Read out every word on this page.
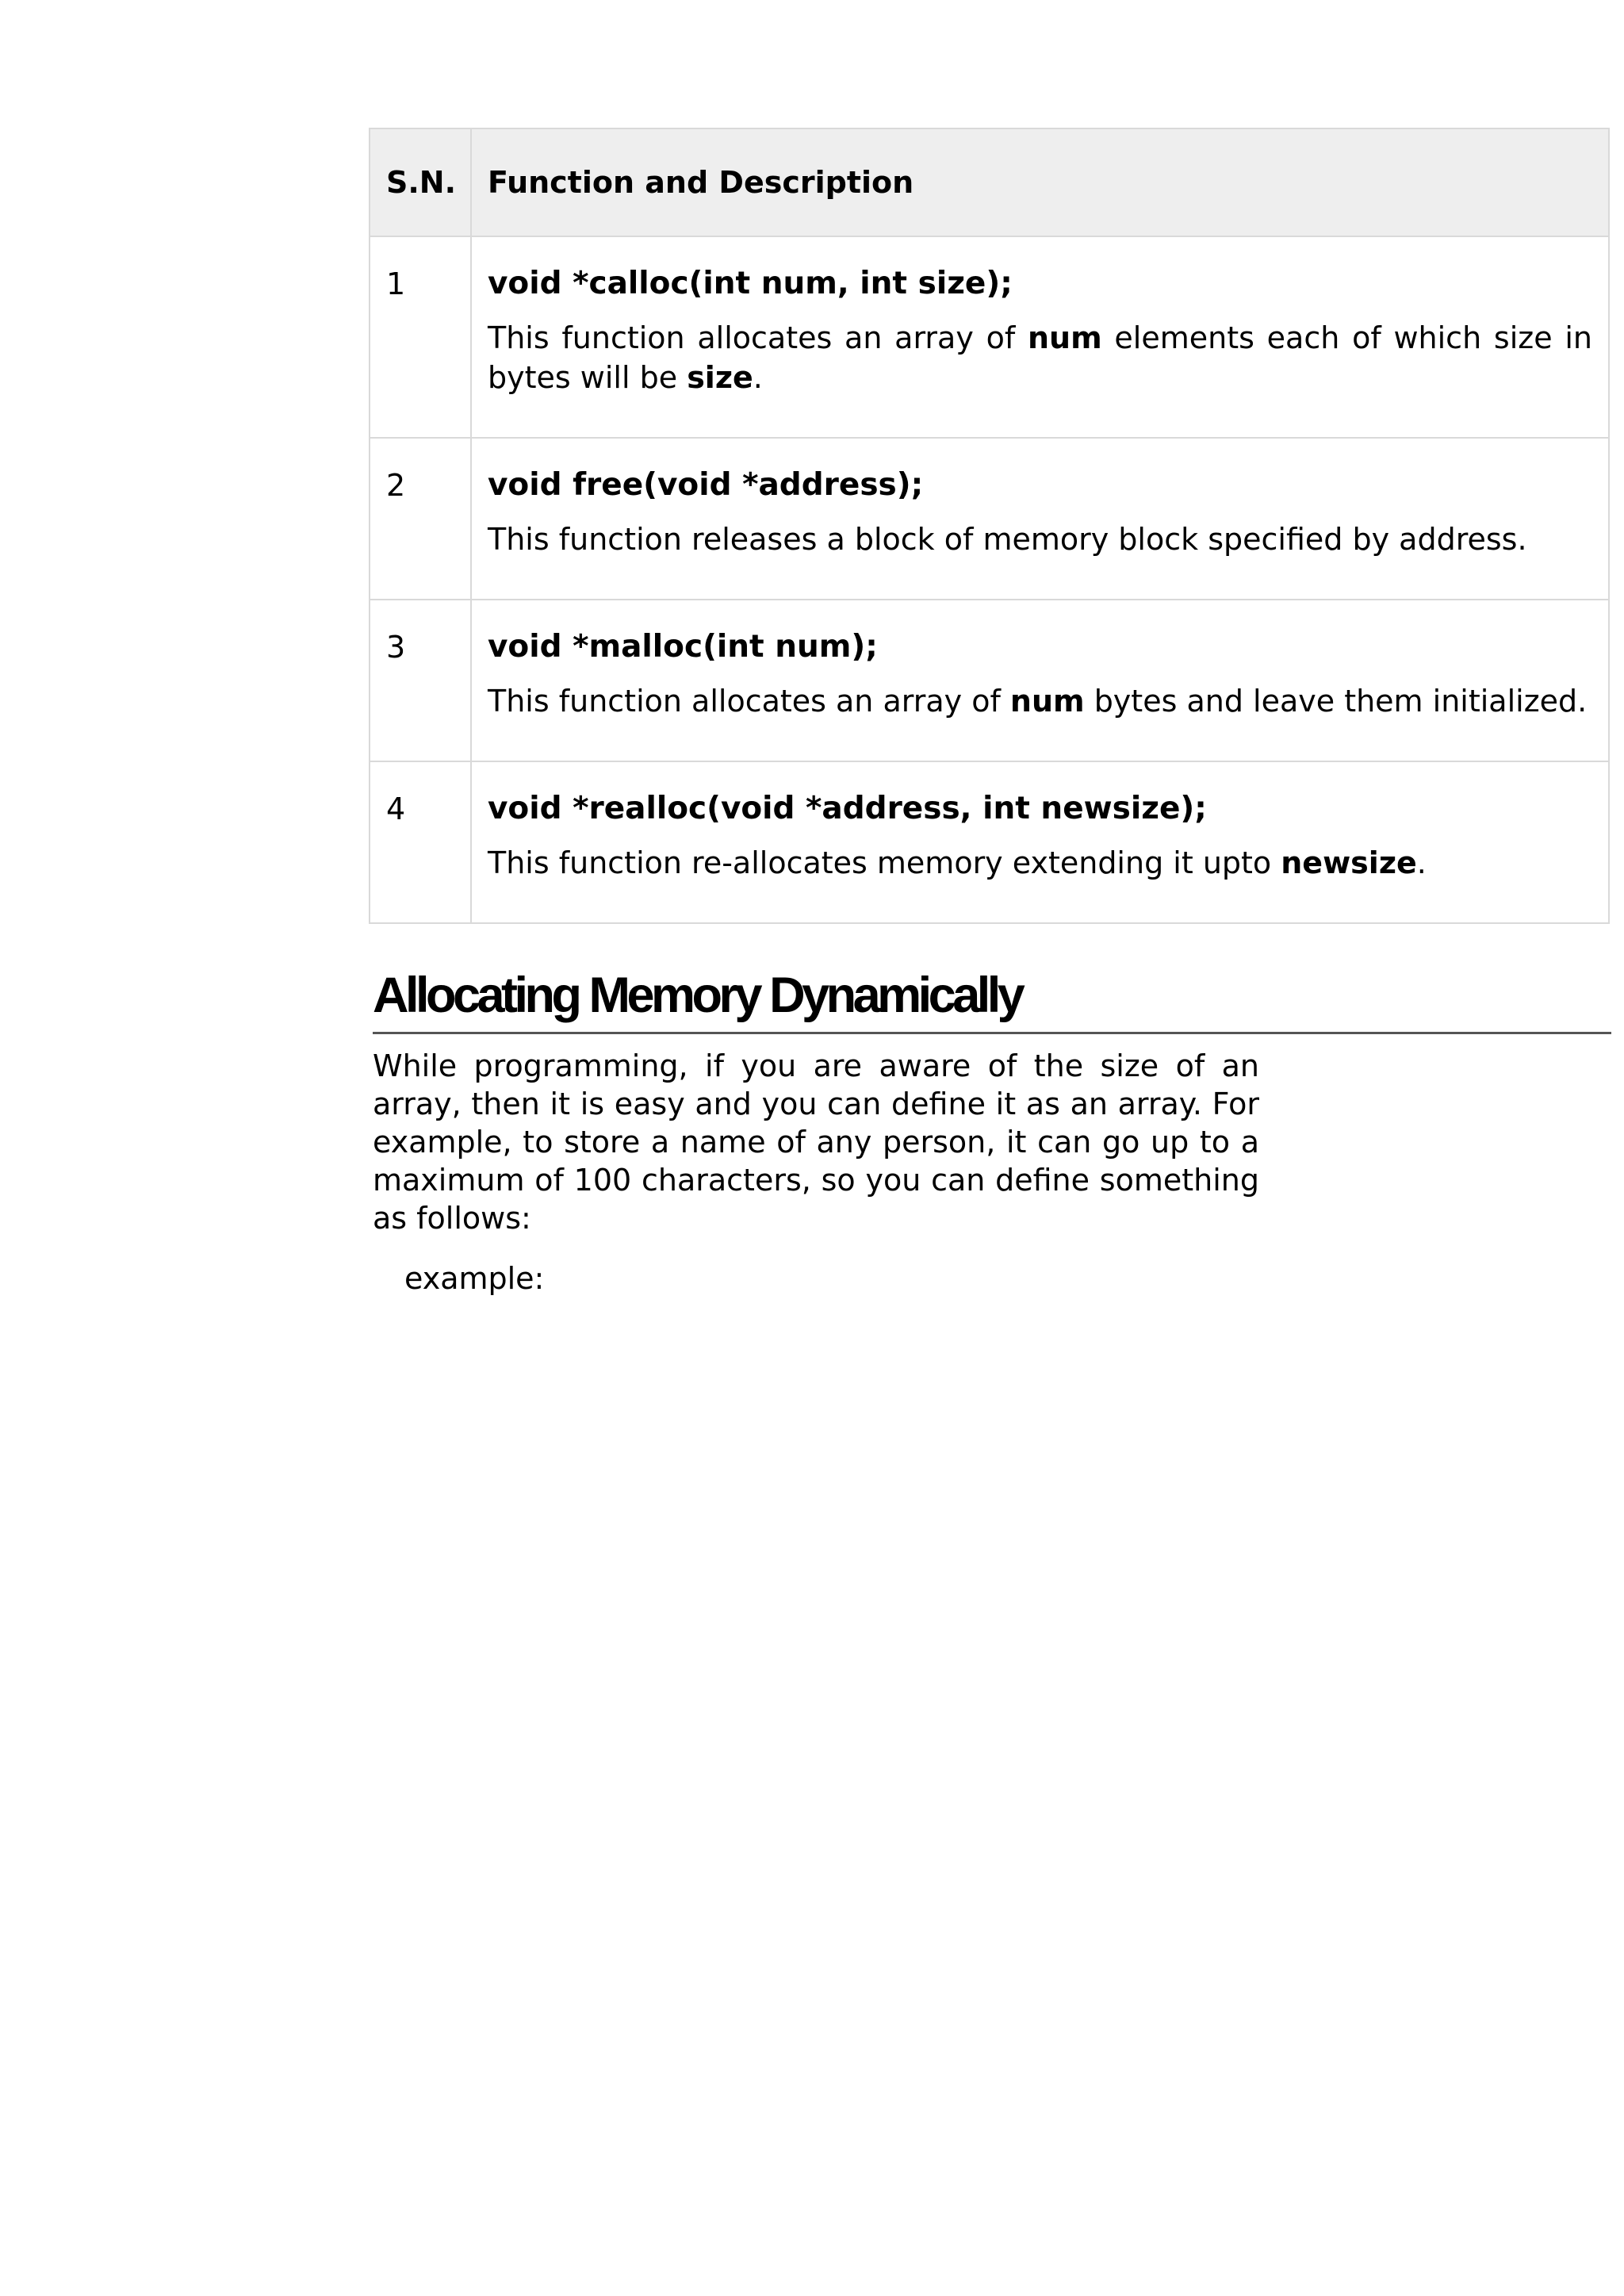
S.N.	Function and Description
1	void *calloc(int num, int size);

This function allocates an array of num elements each of which size in bytes will be size.

2	void free(void *address);

This function releases a block of memory block specified by address.

3	void *malloc(int num);

This function allocates an array of num bytes and leave them initialized.

4	void *realloc(void *address, int newsize);

This function re-allocates memory extending it upto newsize.

Allocating Memory Dynamically

While programming, if you are aware of the size of an array, then it is easy and you can define it as an array. For example, to store a name of any person, it can go up to a maximum of 100 characters, so you can define something as follows:

example:
